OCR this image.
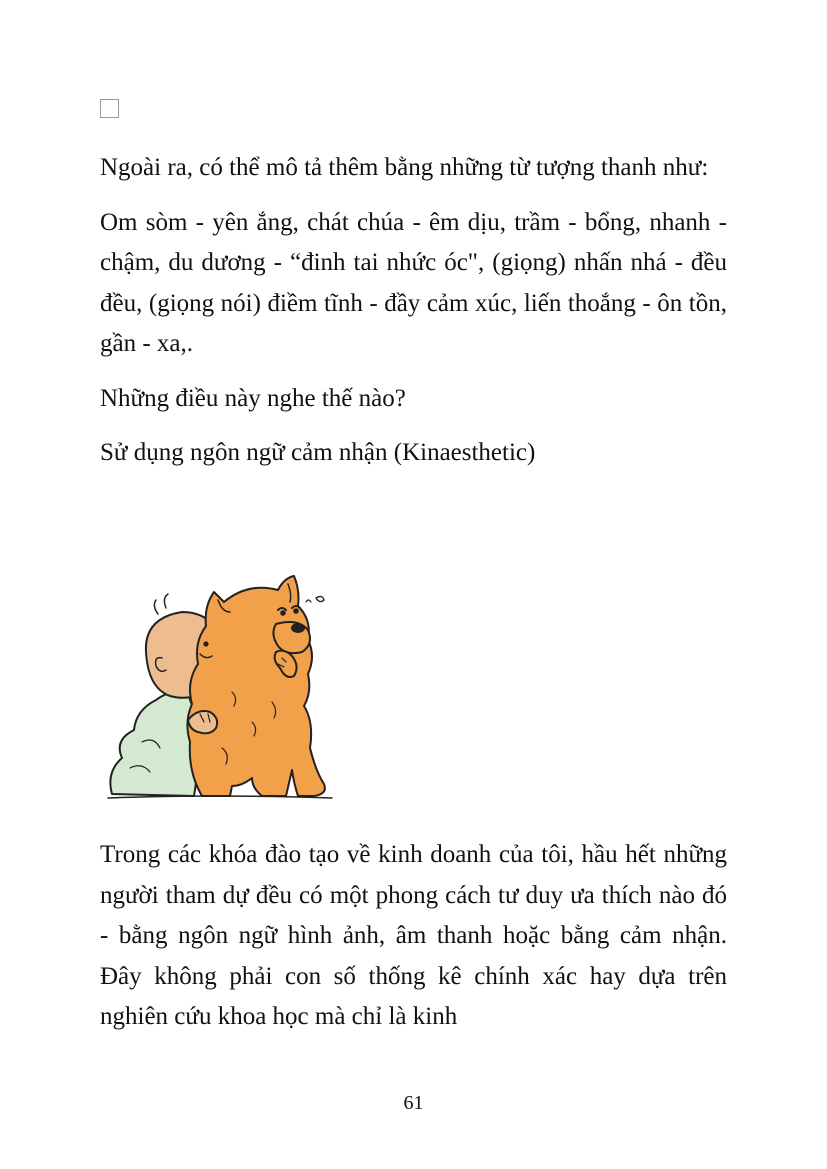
Ngoài ra, có thể mô tả thêm bằng những từ tượng thanh như:

Om sòm - yên ắng, chát chúa - êm dịu, trầm - bổng, nhanh - chậm, du dương - “đinh tai nhức óc", (giọng) nhấn nhá - đều đều, (giọng nói) điềm tĩnh - đầy cảm xúc, liến thoắng - ôn tồn, gần - xa,.

Những điều này nghe thế nào?

Sử dụng ngôn ngữ cảm nhận (Kinaesthetic)

Trong các khóa đào tạo về kinh doanh của tôi, hầu hết những người tham dự đều có một phong cách tư duy ưa thích nào đó - bằng ngôn ngữ hình ảnh, âm thanh hoặc bằng cảm nhận. Đây không phải con số thống kê chính xác hay dựa trên nghiên cứu khoa học mà chỉ là kinh

61
